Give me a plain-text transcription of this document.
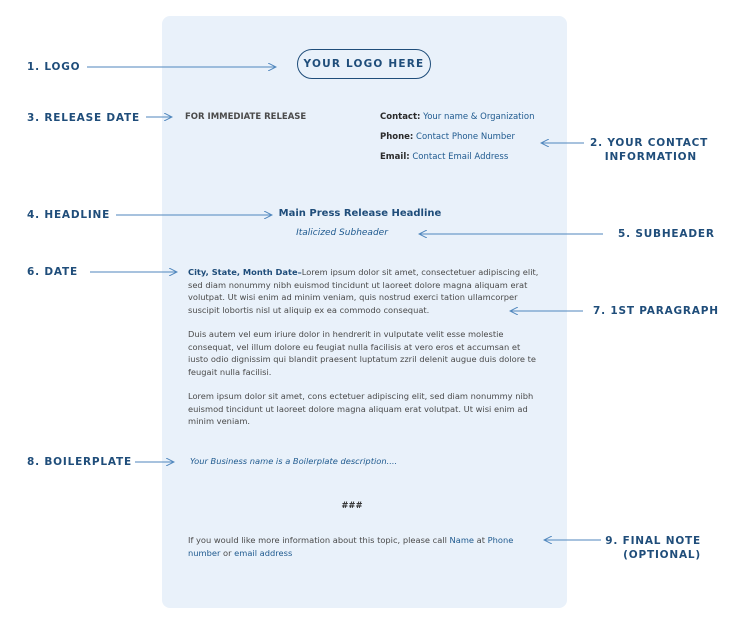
1. LOGO
3. RELEASE DATE
2. YOUR CONTACT
INFORMATION
4. HEADLINE
5. SUBHEADER
6. DATE
7. 1ST PARAGRAPH
8. BOILERPLATE
9. FINAL NOTE
(OPTIONAL)
YOUR LOGO HERE
FOR IMMEDIATE RELEASE	Contact: Your name & Organization
Phone: Contact Phone Number
Email: Contact Email Address
Main Press Release Headline
Italicized Subheader
City, State, Month Date–Lorem ipsum dolor sit amet, consectetuer adipiscing elit, sed diam nonummy nibh euismod tincidunt ut laoreet dolore magna aliquam erat volutpat. Ut wisi enim ad minim veniam, quis nostrud exerci tation ullamcorper suscipit lobortis nisl ut aliquip ex ea commodo consequat.
Duis autem vel eum iriure dolor in hendrerit in vulputate velit esse molestie consequat, vel illum dolore eu feugiat nulla facilisis at vero eros et accumsan et iusto odio dignissim qui blandit praesent luptatum zzril delenit augue duis dolore te feugait nulla facilisi.
Lorem ipsum dolor sit amet, cons ectetuer adipiscing elit, sed diam nonummy nibh euismod tincidunt ut laoreet dolore magna aliquam erat volutpat. Ut wisi enim ad minim veniam.
Your Business name is a Boilerplate description....
###
If you would like more information about this topic, please call Name at Phone number or email address
